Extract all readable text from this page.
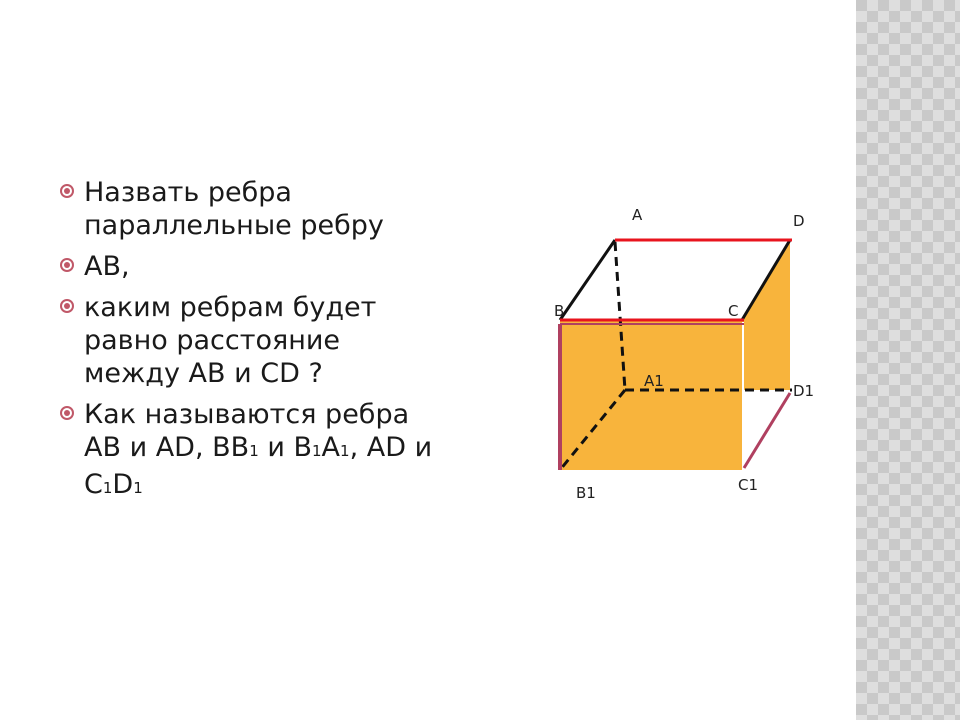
Назвать ребра параллельные ребру
AB,
каким ребрам будет равно расстояние между AB и CD ?
Как называются ребра AB и AD, BB1 и B1A1, AD и C1D1
A	D
B	C
A1
D1
B1	C1
